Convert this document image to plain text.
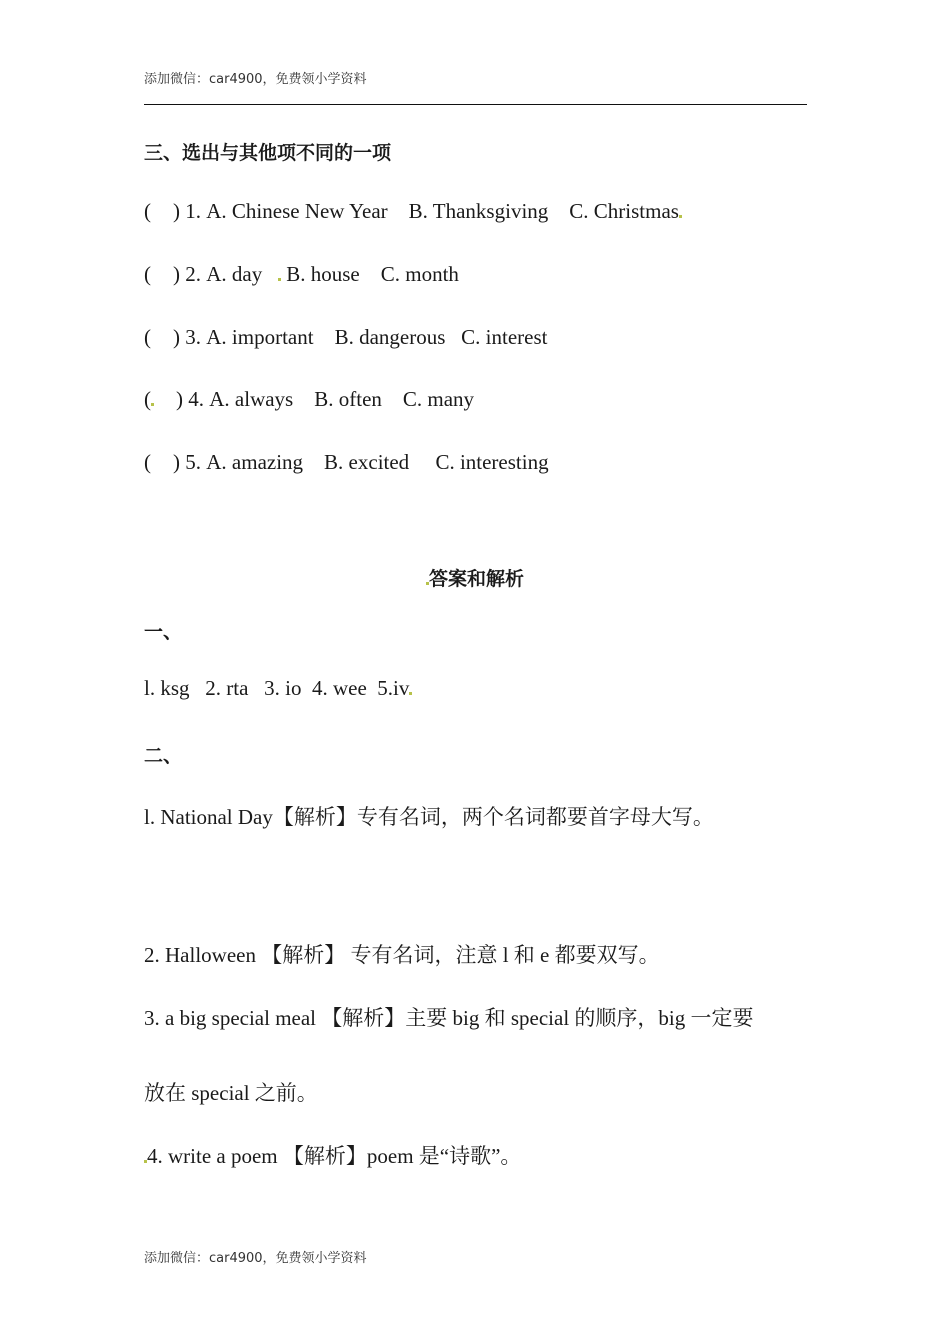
添加微信：car4900，免费领小学资料
三、选出与其他项不同的一项
( ) 1. A. Chinese New Year B. Thanksgiving C. Christmas
( ) 2. A. day B. house C. month
( ) 3. A. important B. dangerous C. interest
( ) 4. A. always B. often C. many
( ) 5. A. amazing B. excited C. interesting
答案和解析
一、
l. ksg   2. rta   3. io  4. wee  5.iv
二、
l. National Day【解析】专有名词，两个名词都要首字母大写。
2. Halloween 【解析】 专有名词，注意 l 和 e 都要双写。
3. a big special meal 【解析】主要 big 和 special 的顺序，big 一定要
放在 special 之前。
4. write a poem 【解析】poem 是“诗歌”。
添加微信：car4900，免费领小学资料
